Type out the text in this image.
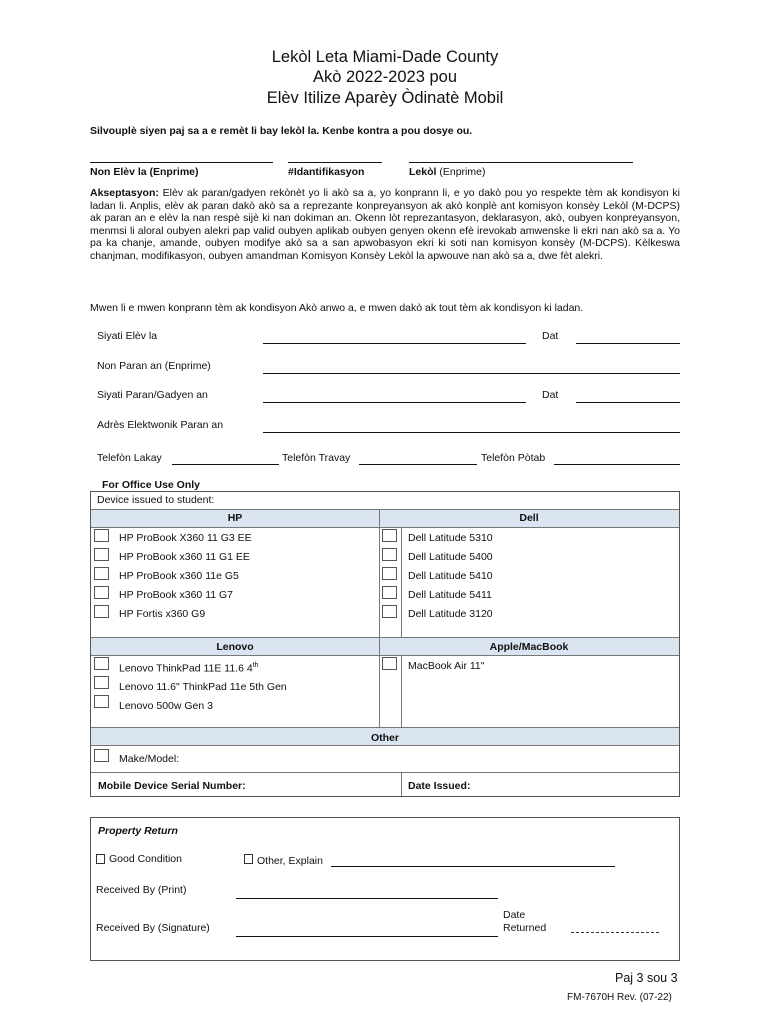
Lekòl Leta Miami-Dade County
Akò 2022-2023 pou
Elèv Itilize Aparèy Òdinatè Mobil
Silvouplè siyen paj sa a e remèt li bay lekòl la. Kenbe kontra a pou dosye ou.
Non Elèv la (Enprime)	#Idantifikasyon	Lekòl (Enprime)
Akseptasyon: Elèv ak paran/gadyen rekònèt yo li akò sa a, yo konprann li, e yo dakò pou yo respekte tèm ak kondisyon ki ladan li. Anplis, elèv ak paran dakò akò sa a reprezante konpreyansyon ak akò konplè ant komisyon konsèy Lekòl (M-DCPS) ak paran an e elèv la nan respè sijè ki nan dokiman an. Okenn lòt reprezantasyon, deklarasyon, akò, oubyen konpreyansyon, menmsi li aloral oubyen alekri pap valid oubyen aplikab oubyen genyen okenn efè irevokab amwenske li ekri nan akò sa a. Yo pa ka chanje, amande, oubyen modifye akò sa a san apwobasyon ekri ki soti nan komisyon konsèy (M-DCPS). Kèlkeswa chanjman, modifikasyon, oubyen amandman Komisyon Konsèy Lekòl la apwouve nan akò sa a, dwe fèt alekri.
Mwen li e mwen konprann tèm ak kondisyon Akò anwo a, e mwen dakò ak tout tèm ak kondisyon ki ladan.
Siyati Elèv la	Dat
Non Paran an (Enprime)
Siyati Paran/Gadyen an	Dat
Adrès Elektwonik Paran an
Telefòn Lakay	Telefòn Travay	Telefòn Pòtab
For Office Use Only
Device issued to student:
HP	Dell
HP ProBook X360 11 G3 EE	Dell Latitude 5310
HP ProBook x360 11 G1 EE	Dell Latitude 5400
HP ProBook x360 11e G5	Dell Latitude 5410
HP ProBook x360 11 G7	Dell Latitude 5411
HP Fortis x360 G9	Dell Latitude 3120
Lenovo	Apple/MacBook
Lenovo ThinkPad 11E 11.6 4th	MacBook Air 11"
Lenovo 11.6" ThinkPad 11e 5th Gen
Lenovo 500w Gen 3
Other
Make/Model:
Mobile Device Serial Number:	Date Issued:
Property Return
Good Condition	Other, Explain
Received By (Print)
Received By (Signature)
Date
Returned
Paj 3 sou 3
FM-7670H Rev. (07-22)
